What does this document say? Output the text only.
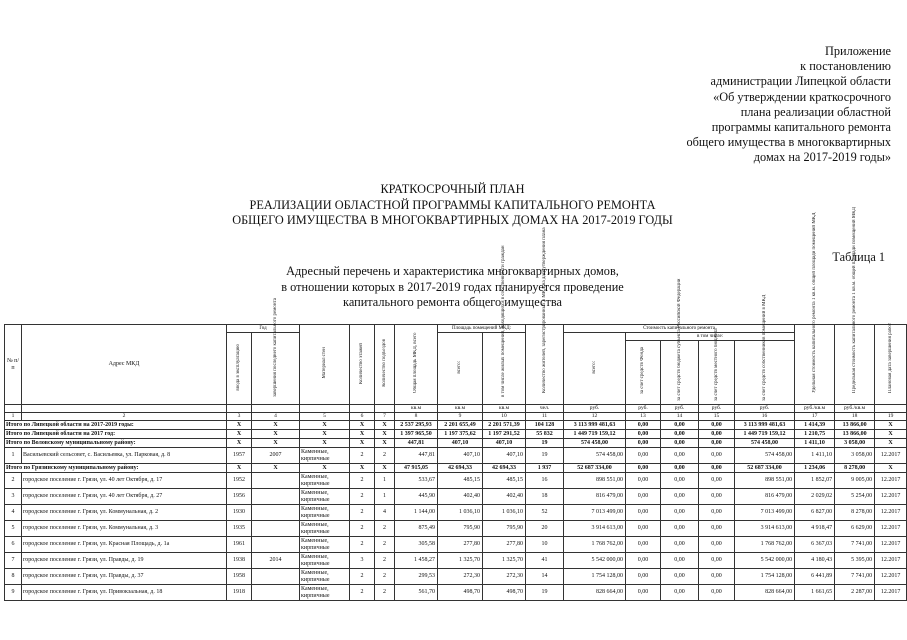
Приложение
к постановлению
администрации Липецкой области
«Об утверждении краткосрочного
плана реализации областной
программы капитального ремонта
общего имущества в многоквартирных
домах на 2017-2019 годы»
КРАТКОСРОЧНЫЙ ПЛАН
РЕАЛИЗАЦИИ ОБЛАСТНОЙ ПРОГРАММЫ КАПИТАЛЬНОГО РЕМОНТА
ОБЩЕГО ИМУЩЕСТВА В МНОГОКВАРТИРНЫХ ДОМАХ НА 2017-2019 ГОДЫ
Таблица 1
Адресный перечень и характеристика многоквартирных домов,
в отношении которых в 2017-2019 годах планируется проведение
капитального ремонта общего имущества
№ п/п	Адрес МКД	Год		Материал стен	Количество этажей	Количество подъездов	Общая площадь МКД, всего	Площадь помещений МКД:		Количество жителей, зарегистрированных в МКД на дату утверждения плана	Стоимость капитального ремонта					Удельная стоимость капитального ремонта 1 кв.м. общей площади помещений МКД	Предельная стоимость капитального ремонта 1 кв.м. общей площади помещений МКД	Плановая дата завершения работ
		ввода в эксплуатацию	завершения последнего капитального ремонта					всего:	в том числе жилых помещений, находящихся в собственности граждан		всего:	в том числе:						
												за счет средств Фонда	за счет средств бюджета субъекта Российской Федерации	за счет средств местного бюджета	за счет средств собственников помещений в МКД			
							кв.м	кв.м	кв.м	чел.	руб.	руб.	руб.	руб.	руб.	руб./кв.м	руб./кв.м	
1	2	3	4	5	6	7	8	9	10	11	12	13	14	15	16	17	18	19
Итого по Липецкой области на 2017-2019 годы:		X	X	X	X	X	2 537 295,93	2 201 655,49	2 201 571,39	104 128	3 113 999 481,63	0,00	0,00	0,00	3 113 999 481,63	1 414,39	13 866,00	X
Итого по Липецкой области на 2017 год:		X	X	X	X	X	1 397 965,50	1 197 375,62	1 197 291,52	55 832	1 449 719 159,12	0,00	0,00	0,00	1 449 719 159,12	1 210,75	13 866,00	X
Итого по Воловскому муниципальному району:		X	X	X	X	X	447,81	407,10	407,10	19	574 458,00	0,00	0,00	0,00	574 458,00	1 411,10	3 058,00	X
1	Васильевский сельсовет, с. Васильевка, ул. Парковая, д. 8	1957	2007	Каменные, кирпичные	2	2	447,81	407,10	407,10	19	574 458,00	0,00	0,00	0,00	574 458,00	1 411,10	3 058,00	12.2017
Итого по Грязинскому муниципальному району:		X	X	X	X	X	47 915,05	42 694,33	42 694,33	1 937	52 687 334,00	0,00	0,00	0,00	52 687 334,00	1 234,06	8 278,00	X
2	городское поселение г. Грязи, ул. 40 лет Октября, д. 17	1952		Каменные, кирпичные	2	1	533,67	485,15	485,15	16	898 551,00	0,00	0,00	0,00	898 551,00	1 852,07	9 005,00	12.2017
3	городское поселение г. Грязи, ул. 40 лет Октября, д. 27	1956		Каменные, кирпичные	2	1	445,90	402,40	402,40	18	816 479,00	0,00	0,00	0,00	816 479,00	2 029,02	5 254,00	12.2017
4	городское поселение г. Грязи, ул. Коммунальная, д. 2	1930		Каменные, кирпичные	2	4	1 144,00	1 036,10	1 036,10	52	7 013 499,00	0,00	0,00	0,00	7 013 499,00	6 827,00	8 278,00	12.2017
5	городское поселение г. Грязи, ул. Коммунальная, д. 3	1935		Каменные, кирпичные	2	2	875,49	795,90	795,90	20	3 914 613,00	0,00	0,00	0,00	3 914 613,00	4 918,47	6 629,00	12.2017
6	городское поселение г. Грязи, ул. Красная Площадь, д. 1а	1961		Каменные, кирпичные	2	2	305,58	277,80	277,80	10	1 768 762,00	0,00	0,00	0,00	1 768 762,00	6 367,03	7 741,00	12.2017
7	городское поселение г. Грязи, ул. Правды, д. 19	1938	2014	Каменные, кирпичные	3	2	1 458,27	1 325,70	1 325,70	41	5 542 000,00	0,00	0,00	0,00	5 542 000,00	4 180,43	5 395,00	12.2017
8	городское поселение г. Грязи, ул. Правды, д. 37	1958		Каменные, кирпичные	2	2	299,53	272,30	272,30	14	1 754 128,00	0,00	0,00	0,00	1 754 128,00	6 441,89	7 741,00	12.2017
9	городское поселение г. Грязи, ул. Привокзальная, д. 18	1918		Каменные, кирпичные	2	2	561,70	498,70	498,70	19	828 664,00	0,00	0,00	0,00	828 664,00	1 661,65	2 287,00	12.2017
